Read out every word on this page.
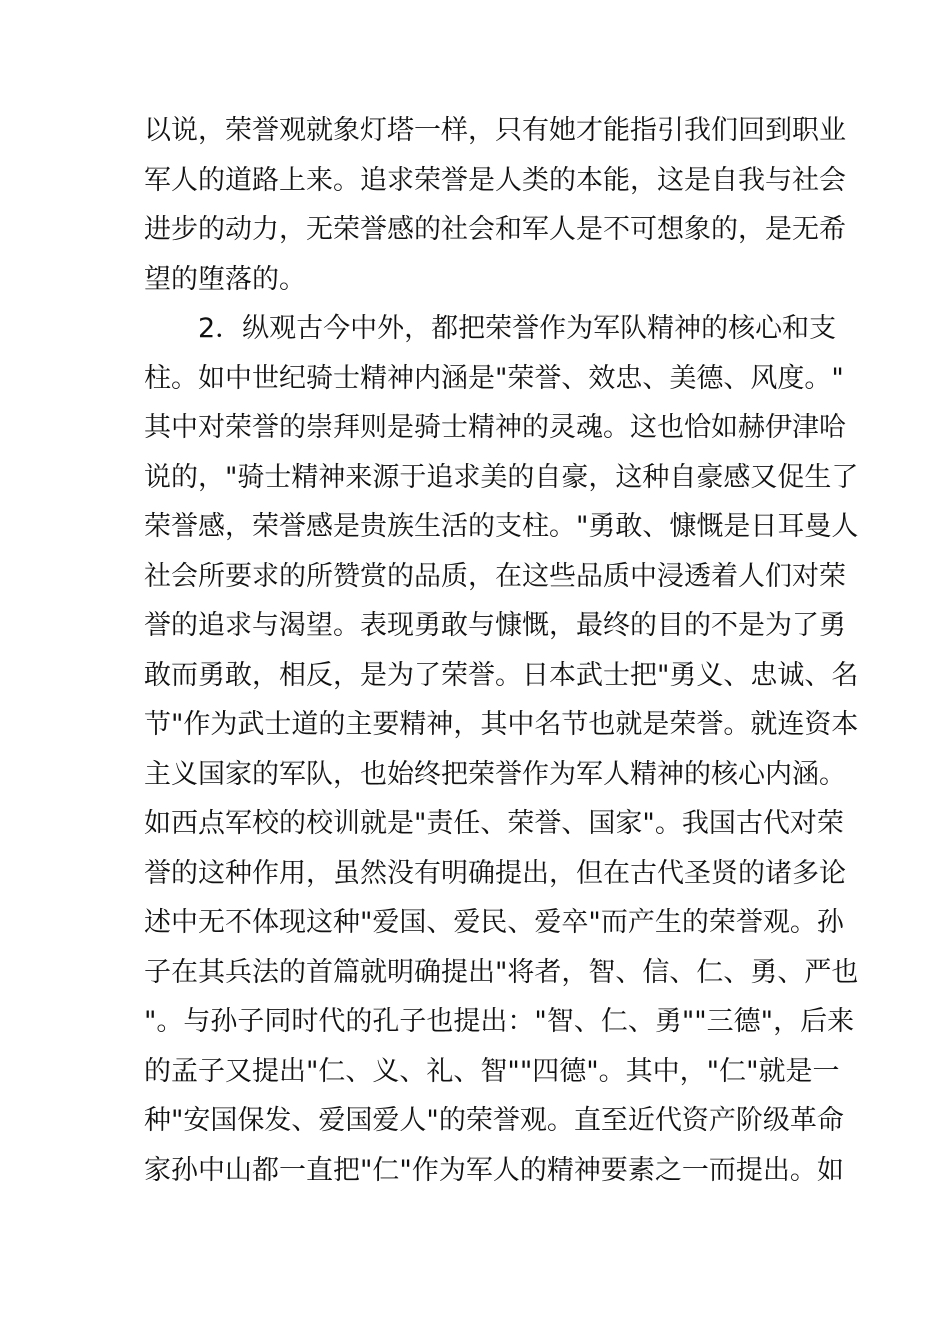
以说，荣誉观就象灯塔一样，只有她才能指引我们回到职业
军人的道路上来。追求荣誉是人类的本能，这是自我与社会
进步的动力，无荣誉感的社会和军人是不可想象的，是无希
望的堕落的。
　　2．纵观古今中外，都把荣誉作为军队精神的核心和支
柱。如中世纪骑士精神内涵是"荣誉、效忠、美德、风度。"
其中对荣誉的崇拜则是骑士精神的灵魂。这也恰如赫伊津哈
说的，"骑士精神来源于追求美的自豪，这种自豪感又促生了
荣誉感，荣誉感是贵族生活的支柱。"勇敢、慷慨是日耳曼人
社会所要求的所赞赏的品质，在这些品质中浸透着人们对荣
誉的追求与渴望。表现勇敢与慷慨，最终的目的不是为了勇
敢而勇敢，相反，是为了荣誉。日本武士把"勇义、忠诚、名
节"作为武士道的主要精神，其中名节也就是荣誉。就连资本
主义国家的军队，也始终把荣誉作为军人精神的核心内涵。
如西点军校的校训就是"责任、荣誉、国家"。我国古代对荣
誉的这种作用，虽然没有明确提出，但在古代圣贤的诸多论
述中无不体现这种"爱国、爱民、爱卒"而产生的荣誉观。孙
子在其兵法的首篇就明确提出"将者，智、信、仁、勇、严也
"。与孙子同时代的孔子也提出："智、仁、勇""三德"，后来
的孟子又提出"仁、义、礼、智""四德"。其中，"仁"就是一
种"安国保发、爱国爱人"的荣誉观。直至近代资产阶级革命
家孙中山都一直把"仁"作为军人的精神要素之一而提出。如
